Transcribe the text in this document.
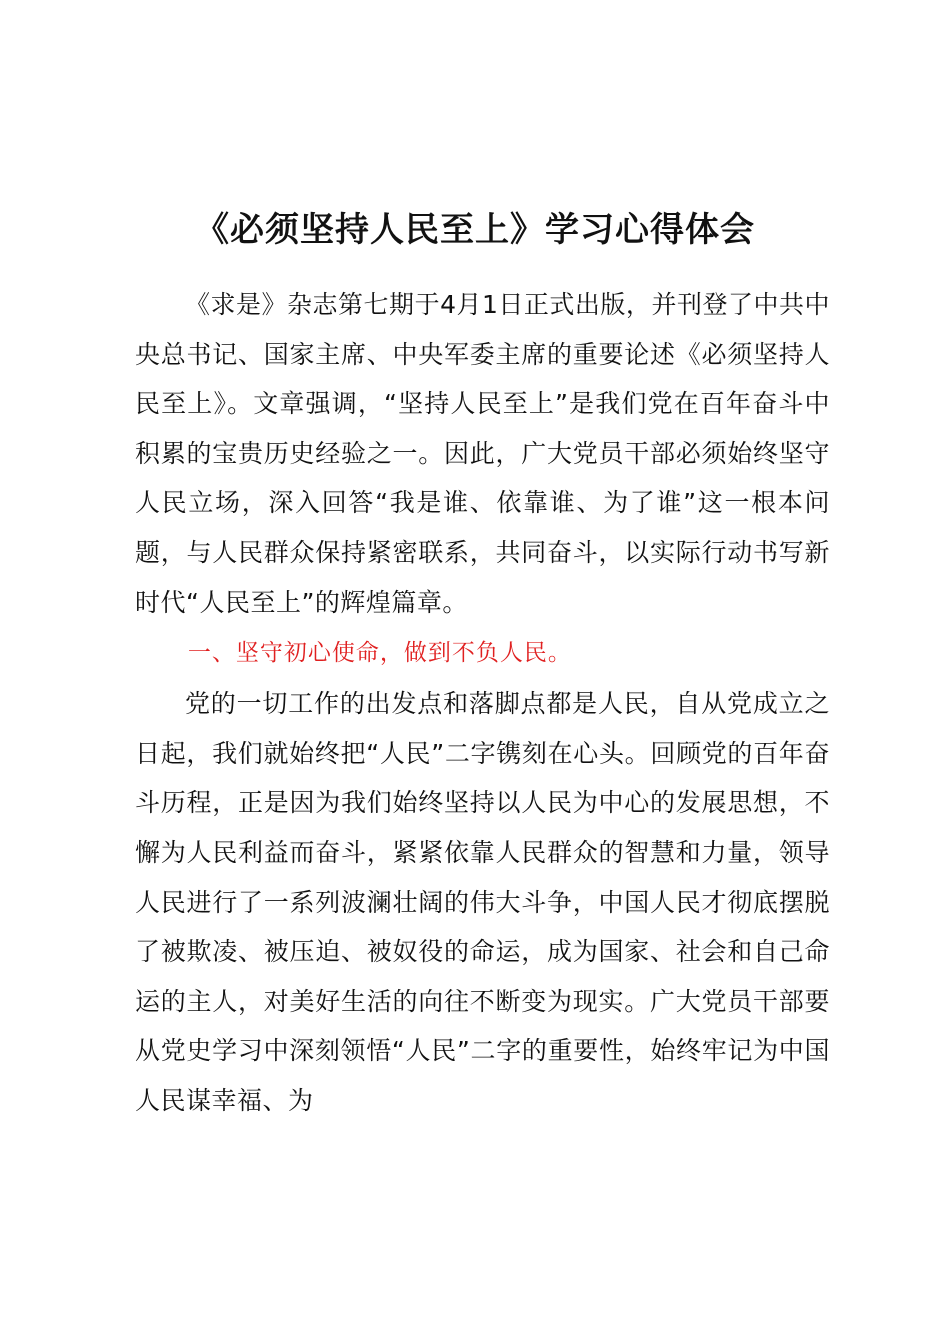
《必须坚持人民至上》学习心得体会

《求是》杂志第七期于4月1日正式出版，并刊登了中共中央总书记、国家主席、中央军委主席的重要论述《必须坚持人民至上》。文章强调，“坚持人民至上”是我们党在百年奋斗中积累的宝贵历史经验之一。因此，广大党员干部必须始终坚守人民立场，深入回答“我是谁、依靠谁、为了谁”这一根本问题，与人民群众保持紧密联系，共同奋斗，以实际行动书写新时代“人民至上”的辉煌篇章。

一、坚守初心使命，做到不负人民。

党的一切工作的出发点和落脚点都是人民，自从党成立之日起，我们就始终把“人民”二字镌刻在心头。回顾党的百年奋斗历程，正是因为我们始终坚持以人民为中心的发展思想，不懈为人民利益而奋斗，紧紧依靠人民群众的智慧和力量，领导人民进行了一系列波澜壮阔的伟大斗争，中国人民才彻底摆脱了被欺凌、被压迫、被奴役的命运，成为国家、社会和自己命运的主人，对美好生活的向往不断变为现实。广大党员干部要从党史学习中深刻领悟“人民”二字的重要性，始终牢记为中国人民谋幸福、为
